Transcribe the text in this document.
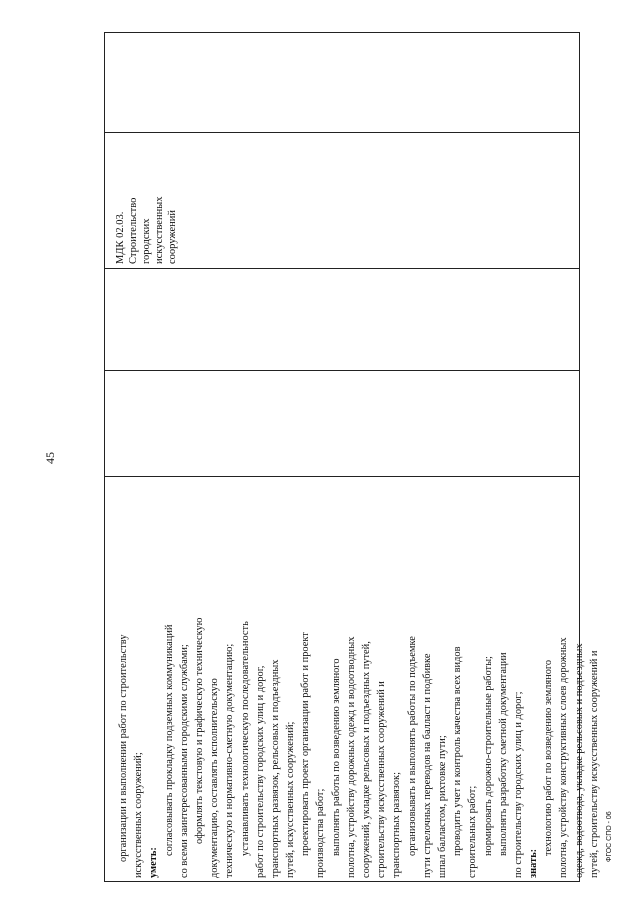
45
организации и выполнении работ по строительству искусственных сооружений; уметь:
согласовывать прокладку подземных коммуникаций со всеми заинтересованными городскими службами; оформлять текстовую и графическую техническую документацию, составлять исполнительскую техническую и нормативно-сметную документацию; устанавливать технологическую последовательность работ по строительству городских улиц и дорог, транспортных развязок, рельсовых и подъездных путей, искусственных сооружений; проектировать проект организации работ и проект производства работ; выполнять работы по возведению земляного полотна, устройству дорожных одежд и водоотводных сооружений, укладке рельсовых и подъездных путей, строительству искусственных сооружений и транспортных развязок; организовывать и выполнять работы по подъемке пути стрелочных переводов на балласт и подбивке шпал балластом, рихтовке пути; проводить учет и контроль качества всех видов строительных работ; нормировать дорожно-строительные работы; выполнять разработку сметной документации по строительству городских улиц и дорог; знать:
технологию работ по возведению земляного полотна, устройству конструктивных слоев дорожных одежд, водоотвода, укладке рельсовых и подъездных путей, строительству искусственных сооружений и
МДК 02.03. Строительство городских искусственных сооружений
ФГОС СПО - 06
